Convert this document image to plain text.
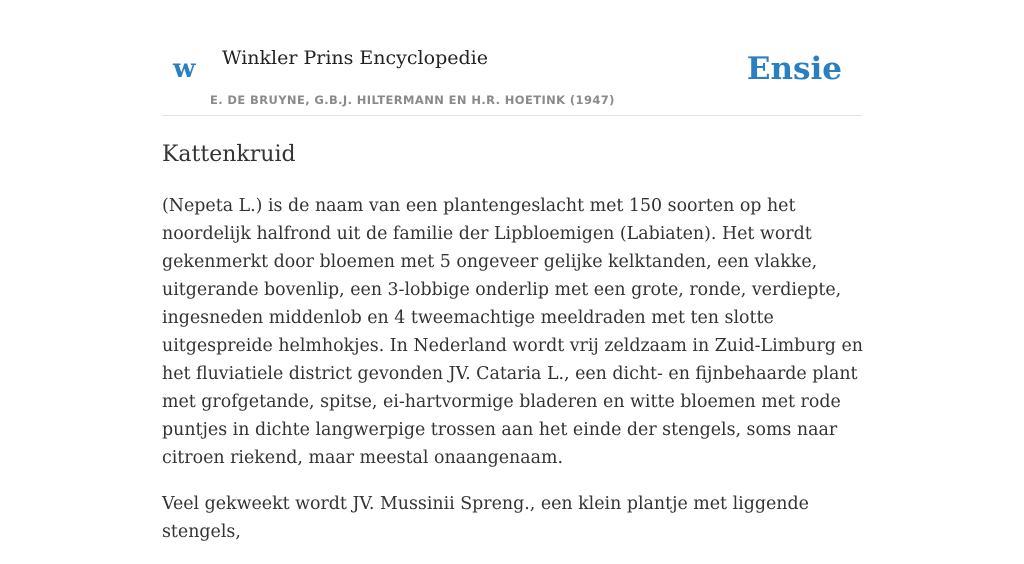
w Winkler Prins Encyclopedie
E. DE BRUYNE, G.B.J. HILTERMANN EN H.R. HOETINK (1947)
Ensie
Kattenkruid

(Nepeta L.) is de naam van een plantengeslacht met 150 soorten op het noordelijk halfrond uit de familie der Lipbloemigen (Labiaten). Het wordt gekenmerkt door bloemen met 5 ongeveer gelijke kelktanden, een vlakke, uitgerande bovenlip, een 3-lobbige onderlip met een grote, ronde, verdiepte, ingesneden middenlob en 4 tweemachtige meeldraden met ten slotte uitgespreide helmhokjes. In Nederland wordt vrij zeldzaam in Zuid-Limburg en het fluviatiele district gevonden JV. Cataria L., een dicht- en fijnbehaarde plant met grofgetande, spitse, ei-hartvormige bladeren en witte bloemen met rode puntjes in dichte langwerpige trossen aan het einde der stengels, soms naar citroen riekend, maar meestal onaangenaam.

Veel gekweekt wordt JV. Mussinii Spreng., een klein plantje met liggende stengels,
